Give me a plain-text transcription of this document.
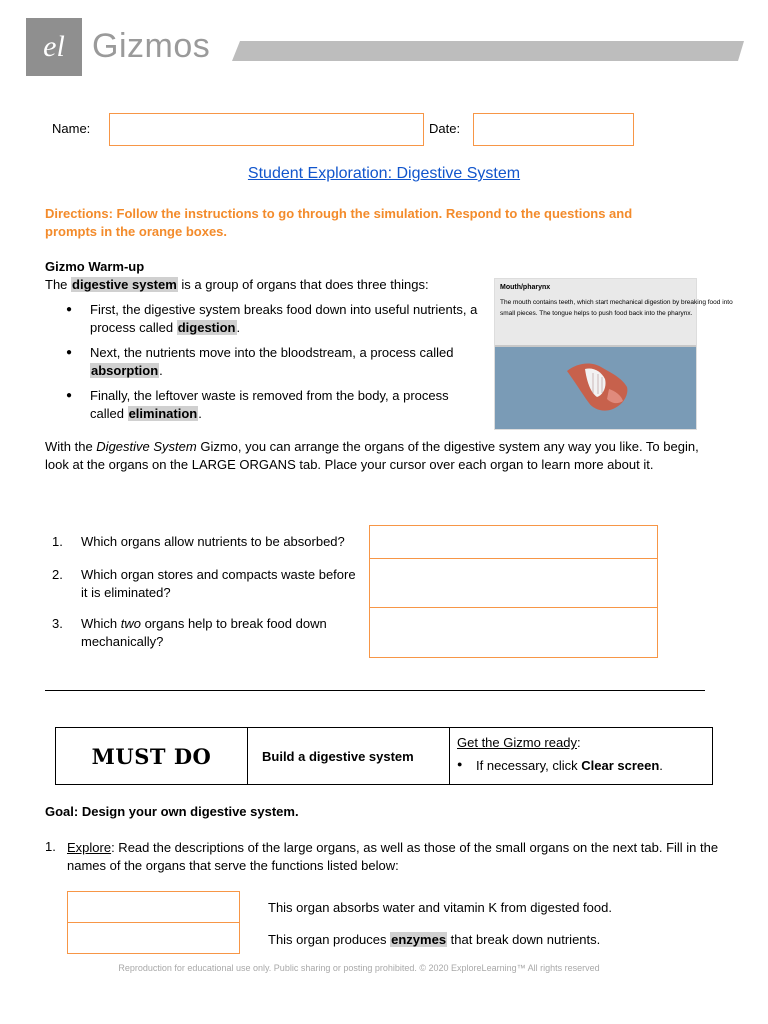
el Gizmos
Name:	Date:
Student Exploration: Digestive System
Directions: Follow the instructions to go through the simulation. Respond to the questions and prompts in the orange boxes.
Gizmo Warm-up
The digestive system is a group of organs that does three things:
● First, the digestive system breaks food down into useful nutrients, a process called digestion.
● Next, the nutrients move into the bloodstream, a process called absorption.
● Finally, the leftover waste is removed from the body, a process called elimination.
Mouth/pharynx
The mouth contains teeth, which start mechanical digestion by breaking food into
small pieces. The tongue helps to push food back into the pharynx.
With the Digestive System Gizmo, you can arrange the organs of the digestive system any way you like. To begin, look at the organs on the LARGE ORGANS tab. Place your cursor over each organ to learn more about it.
1. Which organs allow nutrients to be absorbed?
2. Which organ stores and compacts waste before it is eliminated?
3. Which two organs help to break food down mechanically?
MUST DO	Build a digestive system
Get the Gizmo ready:
● If necessary, click Clear screen.
Goal: Design your own digestive system.
1. Explore: Read the descriptions of the large organs, as well as those of the small organs on the next tab. Fill in the names of the organs that serve the functions listed below:
This organ absorbs water and vitamin K from digested food.
This organ produces enzymes that break down nutrients.
Reproduction for educational use only. Public sharing or posting prohibited. © 2020 ExploreLearning™ All rights reserved
